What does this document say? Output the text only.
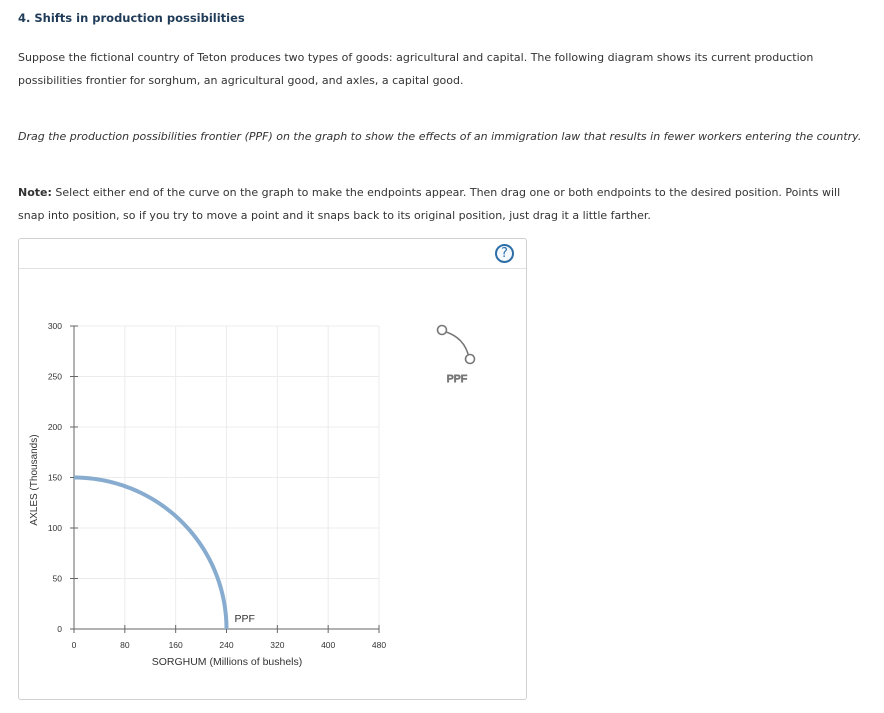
4. Shifts in production possibilities
Suppose the fictional country of Teton produces two types of goods: agricultural and capital. The following diagram shows its current production possibilities frontier for sorghum, an agricultural good, and axles, a capital good.
Drag the production possibilities frontier (PPF) on the graph to show the effects of an immigration law that results in fewer workers entering the country.
Note: Select either end of the curve on the graph to make the endpoints appear. Then drag one or both endpoints to the desired position. Points will snap into position, so if you try to move a point and it snaps back to its original position, just drag it a little farther.
?
0
50
100
150
200
250
300
0	80	160	240	320	400	480
SORGHUM (Millions of bushels)
AXLES (Thousands)
PPF
PPF
